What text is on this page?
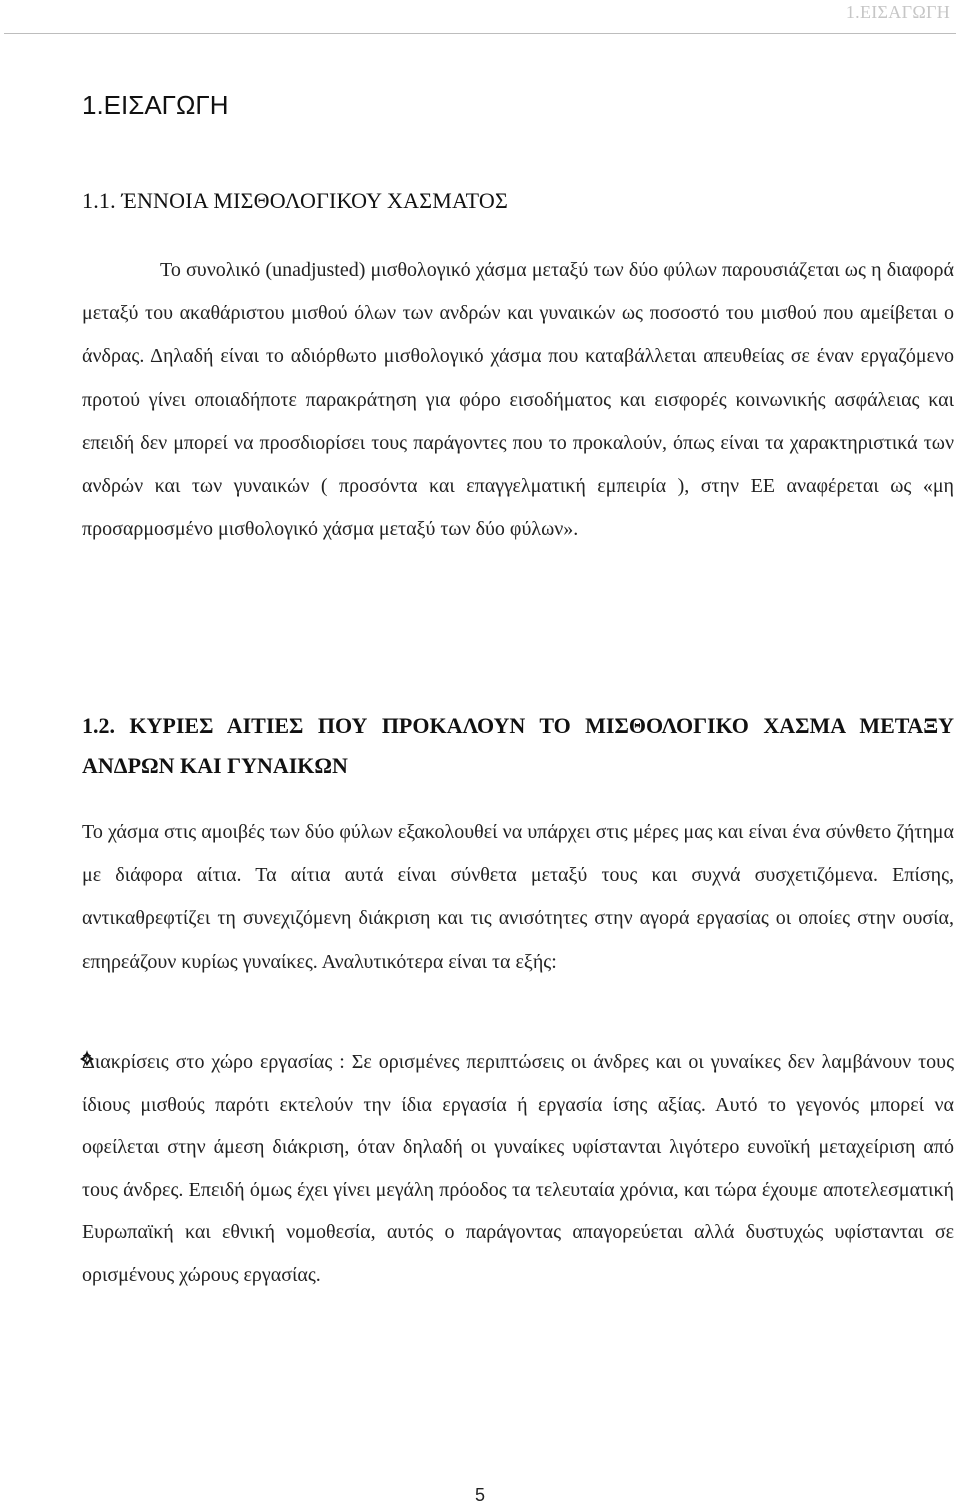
1.ΕΙΣΑΓΩΓΗ
1.ΕΙΣΑΓΩΓΗ
1.1. ΈΝΝΟΙΑ ΜΙΣΘΟΛΟΓΙΚΟΥ ΧΑΣΜΑΤΟΣ

Το συνολικό (unadjusted) μισθολογικό χάσμα μεταξύ των δύο φύλων παρουσιάζεται ως η διαφορά μεταξύ του ακαθάριστου μισθού όλων των ανδρών και γυναικών ως ποσοστό του μισθού που αμείβεται ο άνδρας. Δηλαδή είναι το αδιόρθωτο μισθολογικό χάσμα που καταβάλλεται απευθείας σε έναν εργαζόμενο προτού γίνει οποιαδήποτε παρακράτηση για φόρο εισοδήματος και εισφορές κοινωνικής ασφάλειας και επειδή δεν μπορεί να προσδιορίσει τους παράγοντες που το προκαλούν, όπως είναι τα χαρακτηριστικά των ανδρών και των γυναικών ( προσόντα και επαγγελματική εμπειρία ), στην ΕΕ αναφέρεται ως «μη προσαρμοσμένο μισθολογικό χάσμα μεταξύ των δύο φύλων».

1.2. ΚΥΡΙΕΣ ΑΙΤΙΕΣ ΠΟΥ ΠΡΟΚΑΛΟΥΝ ΤΟ ΜΙΣΘΟΛΟΓΙΚΟ ΧΑΣΜΑ ΜΕΤΑΞΥ ΑΝΔΡΩΝ ΚΑΙ ΓΥΝΑΙΚΩΝ

Το χάσμα στις αμοιβές των δύο φύλων εξακολουθεί να υπάρχει στις μέρες μας και είναι ένα σύνθετο ζήτημα με διάφορα αίτια. Τα αίτια αυτά είναι σύνθετα μεταξύ τους και συχνά συσχετιζόμενα. Επίσης, αντικαθρεφτίζει τη συνεχιζόμενη διάκριση και τις ανισότητες στην αγορά εργασίας οι οποίες στην ουσία, επηρεάζουν κυρίως γυναίκες. Αναλυτικότερα είναι τα εξής:

Διακρίσεις στο χώρο εργασίας : Σε ορισμένες περιπτώσεις οι άνδρες και οι γυναίκες δεν λαμβάνουν τους ίδιους μισθούς παρότι εκτελούν την ίδια εργασία ή εργασία ίσης αξίας. Αυτό το γεγονός μπορεί να οφείλεται στην άμεση διάκριση, όταν δηλαδή οι γυναίκες υφίστανται λιγότερο ευνοϊκή μεταχείριση από τους άνδρες. Επειδή όμως έχει γίνει μεγάλη πρόοδος τα τελευταία χρόνια, και τώρα έχουμε αποτελεσματική Ευρωπαϊκή και εθνική νομοθεσία, αυτός ο παράγοντας απαγορεύεται αλλά δυστυχώς υφίστανται σε ορισμένους χώρους εργασίας.

5
